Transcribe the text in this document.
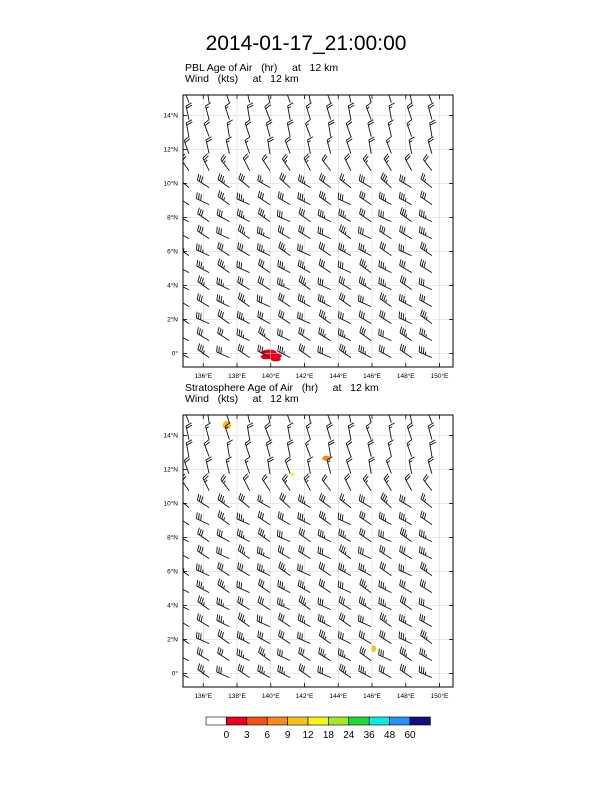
2014-01-17_21:00:00
PBL Age of Air   (hr)     at   12 km
Wind   (kts)     at   12 km
Stratosphere Age of Air   (hr)     at   12 km
Wind   (kts)     at   12 km
136°E 138°E 140°E 142°E 144°E 146°E 148°E 150°E
0°
2°N
4°N
6°N
8°N
10°N
12°N
14°N
136°E 138°E 140°E 142°E 144°E 146°E 148°E 150°E
0°
2°N
4°N
6°N
8°N
10°N
12°N
14°N
0 3 6 9 12 18 24 36 48 60
